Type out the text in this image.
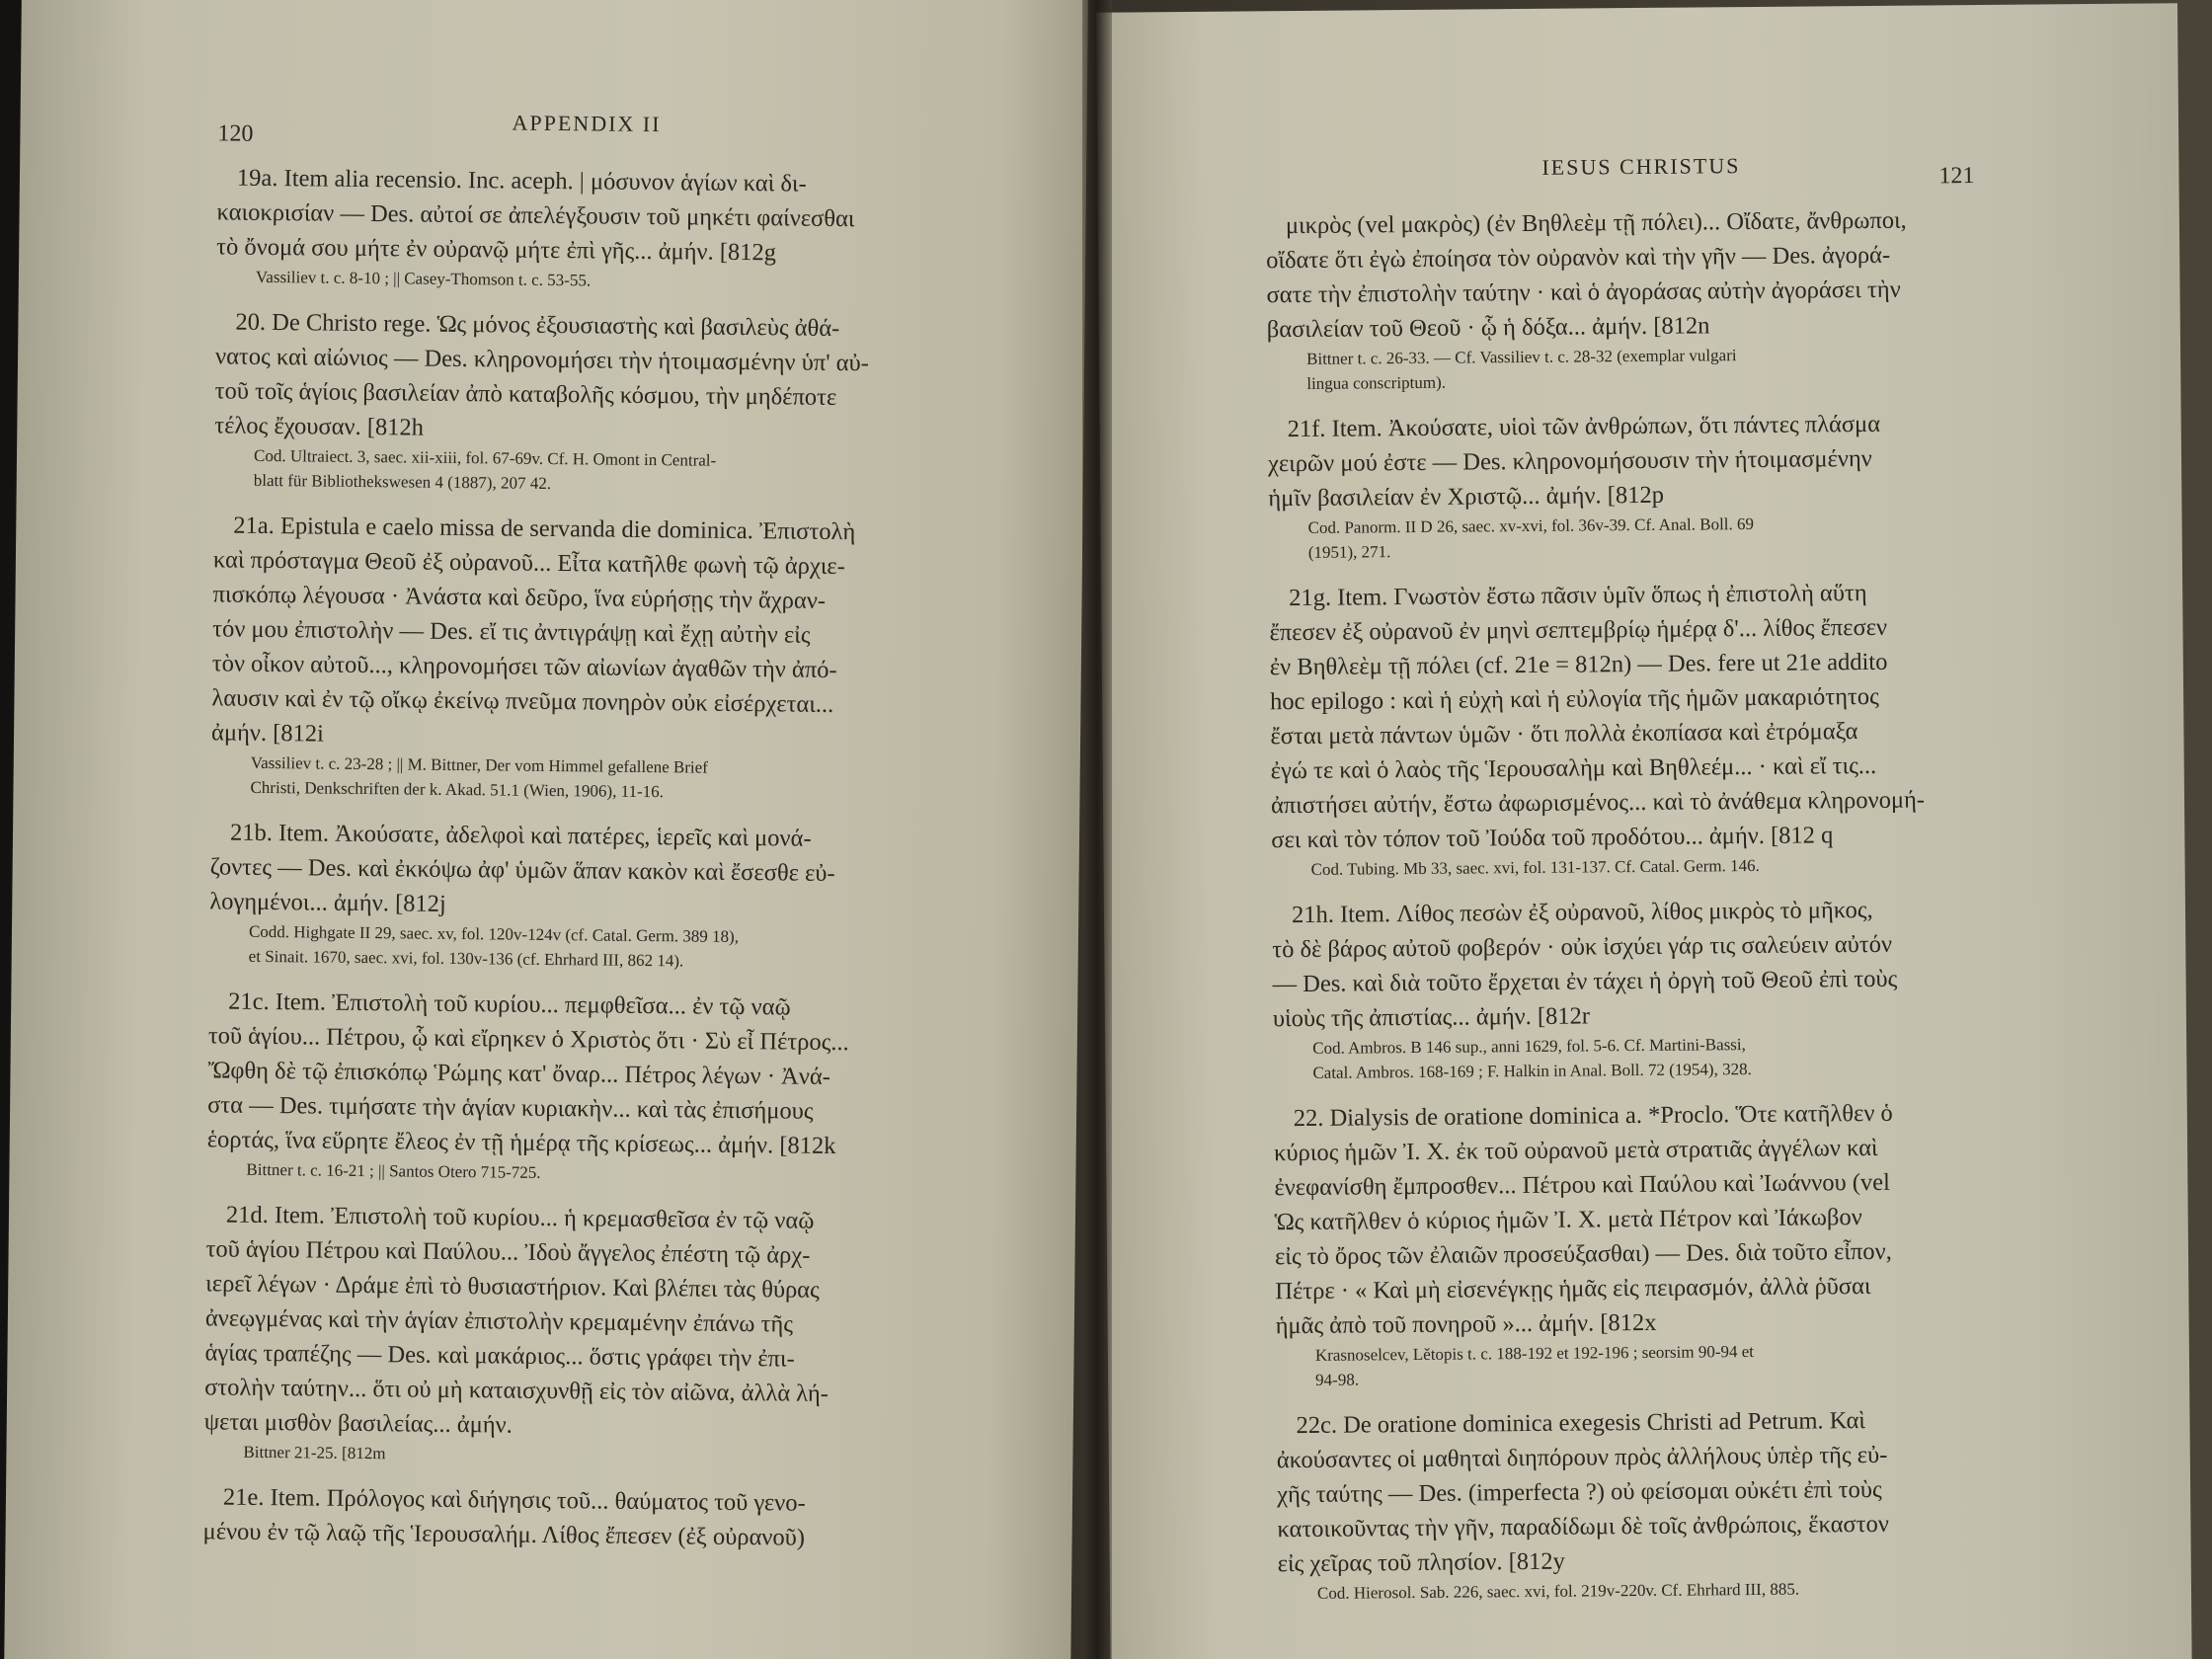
120	APPENDIX II
19a. Item alia recensio. Inc. aceph. | μόσυνον ἁγίων καὶ δι-
καιοκρισίαν — Des. αὐτοί σε ἀπελέγξουσιν τοῦ μηκέτι φαίνεσθαι
τὸ ὄνομά σου μήτε ἐν οὐρανῷ μήτε ἐπὶ γῆς... ἀμήν. [812g
Vassiliev t. c. 8-10 ; || Casey-Thomson t. c. 53-55.
20. De Christo rege. Ὡς μόνος ἐξουσιαστὴς καὶ βασιλεὺς ἀθά-
νατος καὶ αἰώνιος — Des. κληρονομήσει τὴν ἡτοιμασμένην ὑπ' αὐ-
τοῦ τοῖς ἁγίοις βασιλείαν ἀπὸ καταβολῆς κόσμου, τὴν μηδέποτε
τέλος ἔχουσαν. [812h
Cod. Ultraiect. 3, saec. xii-xiii, fol. 67-69v. Cf. H. Omont in Central-
blatt für Bibliothekswesen 4 (1887), 207 42.
21a. Epistula e caelo missa de servanda die dominica. Ἐπιστολὴ
καὶ πρόσταγμα Θεοῦ ἐξ οὐρανοῦ... Εἶτα κατῆλθε φωνὴ τῷ ἀρχιε-
πισκόπῳ λέγουσα · Ἀνάστα καὶ δεῦρο, ἵνα εὑρήσῃς τὴν ἄχραν-
τόν μου ἐπιστολὴν — Des. εἴ τις ἀντιγράψῃ καὶ ἔχῃ αὐτὴν εἰς
τὸν οἶκον αὐτοῦ..., κληρονομήσει τῶν αἰωνίων ἀγαθῶν τὴν ἀπό-
λαυσιν καὶ ἐν τῷ οἴκῳ ἐκείνῳ πνεῦμα πονηρὸν οὐκ εἰσέρχεται...
ἀμήν. [812i
Vassiliev t. c. 23-28 ; || M. Bittner, Der vom Himmel gefallene Brief
Christi, Denkschriften der k. Akad. 51.1 (Wien, 1906), 11-16.
21b. Item. Ἀκούσατε, ἀδελφοὶ καὶ πατέρες, ἱερεῖς καὶ μονά-
ζοντες — Des. καὶ ἐκκόψω ἀφ' ὑμῶν ἅπαν κακὸν καὶ ἔσεσθε εὐ-
λογημένοι... ἀμήν. [812j
Codd. Highgate II 29, saec. xv, fol. 120v-124v (cf. Catal. Germ. 389 18),
et Sinait. 1670, saec. xvi, fol. 130v-136 (cf. Ehrhard III, 862 14).
21c. Item. Ἐπιστολὴ τοῦ κυρίου... πεμφθεῖσα... ἐν τῷ ναῷ
τοῦ ἁγίου... Πέτρου, ᾧ καὶ εἴρηκεν ὁ Χριστὸς ὅτι · Σὺ εἶ Πέτρος...
Ὤφθη δὲ τῷ ἐπισκόπῳ Ῥώμης κατ' ὄναρ... Πέτρος λέγων · Ἀνά-
στα — Des. τιμήσατε τὴν ἁγίαν κυριακὴν... καὶ τὰς ἐπισήμους
ἑορτάς, ἵνα εὕρητε ἔλεος ἐν τῇ ἡμέρᾳ τῆς κρίσεως... ἀμήν. [812k
Bittner t. c. 16-21 ; || Santos Otero 715-725.
21d. Item. Ἐπιστολὴ τοῦ κυρίου... ἡ κρεμασθεῖσα ἐν τῷ ναῷ
τοῦ ἁγίου Πέτρου καὶ Παύλου... Ἰδοὺ ἄγγελος ἐπέστη τῷ ἀρχ-
ιερεῖ λέγων · Δράμε ἐπὶ τὸ θυσιαστήριον. Καὶ βλέπει τὰς θύρας
ἀνεῳγμένας καὶ τὴν ἁγίαν ἐπιστολὴν κρεμαμένην ἐπάνω τῆς
ἁγίας τραπέζης — Des. καὶ μακάριος... ὅστις γράφει τὴν ἐπι-
στολὴν ταύτην... ὅτι οὐ μὴ καταισχυνθῇ εἰς τὸν αἰῶνα, ἀλλὰ λή-
ψεται μισθὸν βασιλείας... ἀμήν.
Bittner 21-25. [812m
21e. Item. Πρόλογος καὶ διήγησις τοῦ... θαύματος τοῦ γενο-
μένου ἐν τῷ λαῷ τῆς Ἱερουσαλήμ. Λίθος ἔπεσεν (ἐξ οὐρανοῦ)
IESUS CHRISTUS	121
μικρὸς (vel μακρὸς) (ἐν Βηθλεὲμ τῇ πόλει)... Οἴδατε, ἄνθρωποι,
οἴδατε ὅτι ἐγὼ ἐποίησα τὸν οὐρανὸν καὶ τὴν γῆν — Des. ἀγορά-
σατε τὴν ἐπιστολὴν ταύτην · καὶ ὁ ἀγοράσας αὐτὴν ἀγοράσει τὴν
βασιλείαν τοῦ Θεοῦ · ᾧ ἡ δόξα... ἀμήν. [812n
Bittner t. c. 26-33. — Cf. Vassiliev t. c. 28-32 (exemplar vulgari
lingua conscriptum).
21f. Item. Ἀκούσατε, υἱοὶ τῶν ἀνθρώπων, ὅτι πάντες πλάσμα
χειρῶν μού ἐστε — Des. κληρονομήσουσιν τὴν ἡτοιμασμένην
ἡμῖν βασιλείαν ἐν Χριστῷ... ἀμήν. [812p
Cod. Panorm. II D 26, saec. xv-xvi, fol. 36v-39. Cf. Anal. Boll. 69
(1951), 271.
21g. Item. Γνωστὸν ἔστω πᾶσιν ὑμῖν ὅπως ἡ ἐπιστολὴ αὕτη
ἔπεσεν ἐξ οὐρανοῦ ἐν μηνὶ σεπτεμβρίῳ ἡμέρᾳ δ'... λίθος ἔπεσεν
ἐν Βηθλεὲμ τῇ πόλει (cf. 21e = 812n) — Des. fere ut 21e addito
hoc epilogo : καὶ ἡ εὐχὴ καὶ ἡ εὐλογία τῆς ἡμῶν μακαριότητος
ἔσται μετὰ πάντων ὑμῶν · ὅτι πολλὰ ἐκοπίασα καὶ ἐτρόμαξα
ἐγώ τε καὶ ὁ λαὸς τῆς Ἱερουσαλὴμ καὶ Βηθλεέμ... · καὶ εἴ τις...
ἀπιστήσει αὐτήν, ἔστω ἀφωρισμένος... καὶ τὸ ἀνάθεμα κληρονομή-
σει καὶ τὸν τόπον τοῦ Ἰούδα τοῦ προδότου... ἀμήν. [812 q
Cod. Tubing. Mb 33, saec. xvi, fol. 131-137. Cf. Catal. Germ. 146.
21h. Item. Λίθος πεσὼν ἐξ οὐρανοῦ, λίθος μικρὸς τὸ μῆκος,
τὸ δὲ βάρος αὐτοῦ φοβερόν · οὐκ ἰσχύει γάρ τις σαλεύειν αὐτόν
— Des. καὶ διὰ τοῦτο ἔρχεται ἐν τάχει ἡ ὀργὴ τοῦ Θεοῦ ἐπὶ τοὺς
υἱοὺς τῆς ἀπιστίας... ἀμήν. [812r
Cod. Ambros. B 146 sup., anni 1629, fol. 5-6. Cf. Martini-Bassi,
Catal. Ambros. 168-169 ; F. Halkin in Anal. Boll. 72 (1954), 328.
22. Dialysis de oratione dominica a. *Proclo. Ὅτε κατῆλθεν ὁ
κύριος ἡμῶν Ἰ. Χ. ἐκ τοῦ οὐρανοῦ μετὰ στρατιᾶς ἀγγέλων καὶ
ἐνεφανίσθη ἔμπροσθεν... Πέτρου καὶ Παύλου καὶ Ἰωάννου (vel
Ὡς κατῆλθεν ὁ κύριος ἡμῶν Ἰ. Χ. μετὰ Πέτρον καὶ Ἰάκωβον
εἰς τὸ ὄρος τῶν ἐλαιῶν προσεύξασθαι) — Des. διὰ τοῦτο εἶπον,
Πέτρε · « Καὶ μὴ εἰσενέγκῃς ἡμᾶς εἰς πειρασμόν, ἀλλὰ ῥῦσαι
ἡμᾶς ἀπὸ τοῦ πονηροῦ »... ἀμήν. [812x
Krasnoselcev, Lětopis t. c. 188-192 et 192-196 ; seorsim 90-94 et
94-98.
22c. De oratione dominica exegesis Christi ad Petrum. Καὶ
ἀκούσαντες οἱ μαθηταὶ διηπόρουν πρὸς ἀλλήλους ὑπὲρ τῆς εὐ-
χῆς ταύτης — Des. (imperfecta ?) οὐ φείσομαι οὐκέτι ἐπὶ τοὺς
κατοικοῦντας τὴν γῆν, παραδίδωμι δὲ τοῖς ἀνθρώποις, ἕκαστον
εἰς χεῖρας τοῦ πλησίον. [812y
Cod. Hierosol. Sab. 226, saec. xvi, fol. 219v-220v. Cf. Ehrhard III, 885.
